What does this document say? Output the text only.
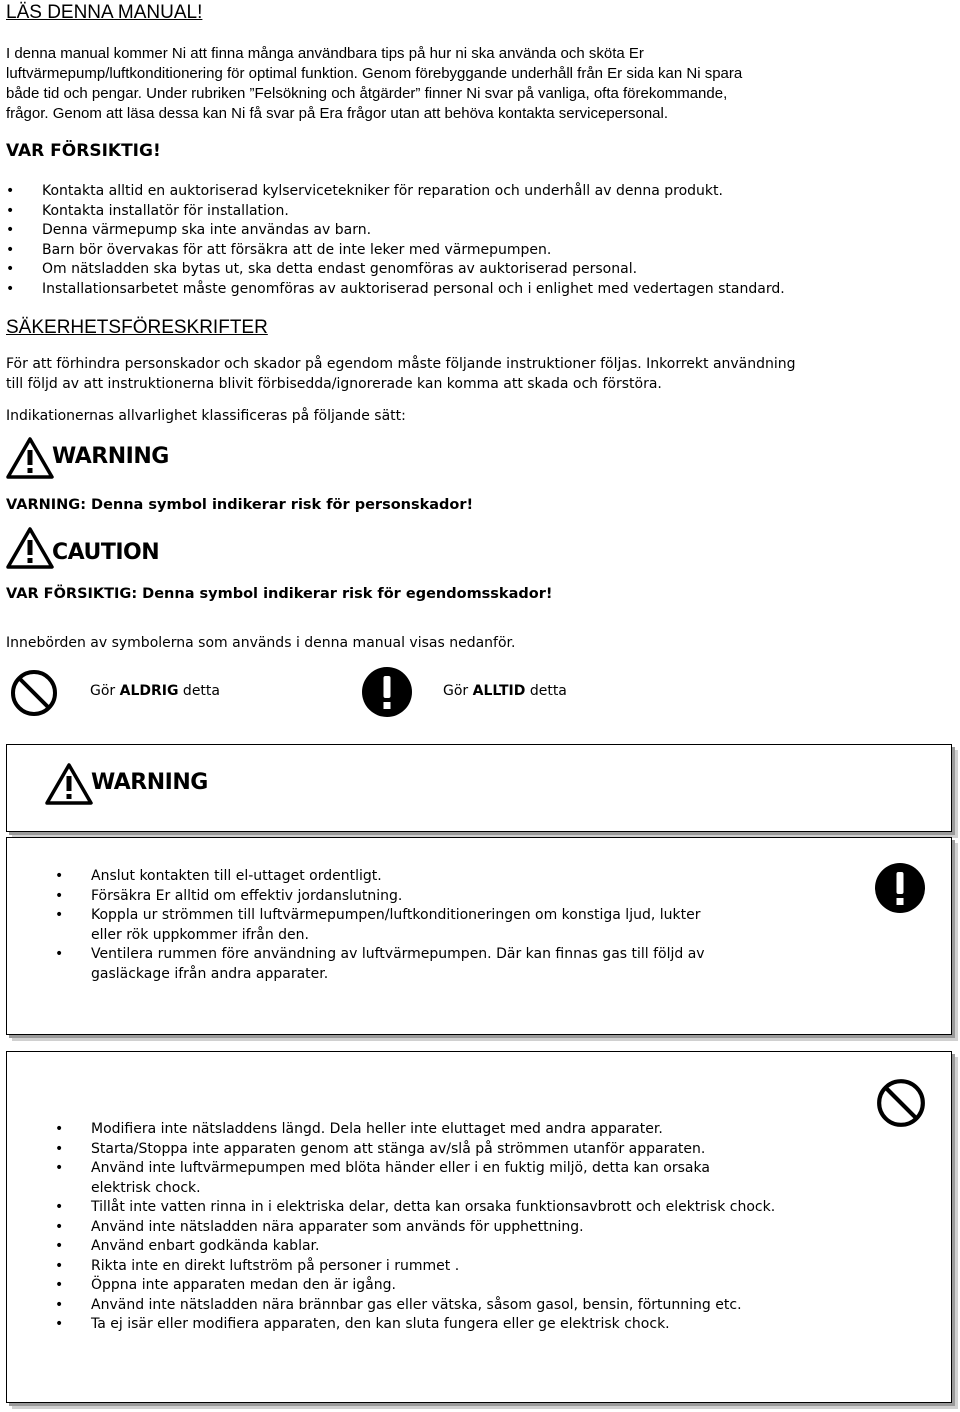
LÄS DENNA MANUAL!
I denna manual kommer Ni att finna många användbara tips på hur ni ska använda och sköta Er
luftvärmepump/luftkonditionering för optimal funktion. Genom förebyggande underhåll från Er sida kan Ni spara
både tid och pengar. Under rubriken ”Felsökning och åtgärder” finner Ni svar på vanliga, ofta förekommande,
frågor. Genom att läsa dessa kan Ni få svar på Era frågor utan att behöva kontakta servicepersonal.
VAR FÖRSIKTIG!
• Kontakta alltid en auktoriserad kylservicetekniker för reparation och underhåll av denna produkt.
• Kontakta installatör för installation.
• Denna värmepump ska inte användas av barn.
• Barn bör övervakas för att försäkra att de inte leker med värmepumpen.
• Om nätsladden ska bytas ut, ska detta endast genomföras av auktoriserad personal.
• Installationsarbetet måste genomföras av auktoriserad personal och i enlighet med vedertagen standard.
SÄKERHETSFÖRESKRIFTER
För att förhindra personskador och skador på egendom måste följande instruktioner följas. Inkorrekt användning
till följd av att instruktionerna blivit förbisedda/ignorerade kan komma att skada och förstöra.
Indikationernas allvarlighet klassificeras på följande sätt:
WARNING
VARNING: Denna symbol indikerar risk för personskador!
CAUTION
VAR FÖRSIKTIG: Denna symbol indikerar risk för egendomsskador!
Innebörden av symbolerna som används i denna manual visas nedanför.
Gör ALDRIG detta	Gör ALLTID detta
WARNING
• Anslut kontakten till el-uttaget ordentligt.
• Försäkra Er alltid om effektiv jordanslutning.
• Koppla ur strömmen till luftvärmepumpen/luftkonditioneringen om konstiga ljud, lukter
eller rök uppkommer ifrån den.
• Ventilera rummen före användning av luftvärmepumpen. Där kan finnas gas till följd av
gasläckage ifrån andra apparater.
• Modifiera inte nätsladdens längd. Dela heller inte eluttaget med andra apparater.
• Starta/Stoppa inte apparaten genom att stänga av/slå på strömmen utanför apparaten.
• Använd inte luftvärmepumpen med blöta händer eller i en fuktig miljö, detta kan orsaka
elektrisk chock.
• Tillåt inte vatten rinna in i elektriska delar, detta kan orsaka funktionsavbrott och elektrisk chock.
• Använd inte nätsladden nära apparater som används för upphettning.
• Använd enbart godkända kablar.
• Rikta inte en direkt luftström på personer i rummet .
• Öppna inte apparaten medan den är igång.
• Använd inte nätsladden nära brännbar gas eller vätska, såsom gasol, bensin, förtunning etc.
• Ta ej isär eller modifiera apparaten, den kan sluta fungera eller ge elektrisk chock.
